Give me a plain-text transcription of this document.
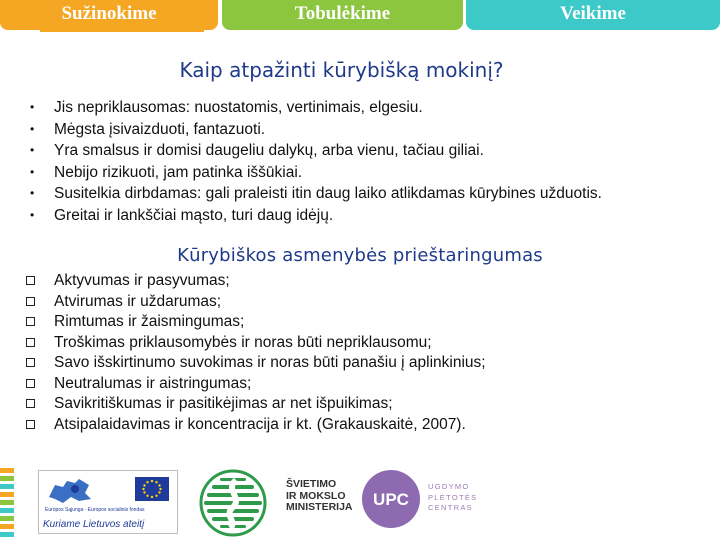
Sužinokime	Tobulėkime	Veikime
Kaip atpažinti kūrybišką mokinį?
• Jis nepriklausomas: nuostatomis, vertinimais, elgesiu.
• Mėgsta įsivaizduoti, fantazuoti.
• Yra smalsus ir domisi daugeliu dalykų, arba vienu, tačiau giliai.
• Nebijo rizikuoti, jam patinka iššūkiai.
• Susitelkia dirbdamas: gali praleisti itin daug laiko atlikdamas kūrybines užduotis.
• Greitai ir lankščiai mąsto, turi daug idėjų.
Kūrybiškos asmenybės prieštaringumas
Aktyvumas ir pasyvumas;
Atvirumas ir uždarumas;
Rimtumas ir žaismingumas;
Troškimas priklausomybės ir noras būti nepriklausomu;
Savo išskirtinumo suvokimas ir noras būti panašiu į aplinkinius;
Neutralumas ir aistringumas;
Savikritiškumas ir pasitikėjimas ar net išpuikimas;
Atsipalaidavimas ir koncentracija ir kt. (Grakauskaitė, 2007).
Europos Sąjunga · Europos socialinis fondas
Kuriame Lietuvos ateitį
ŠVIETIMO
IR MOKSLO
MINISTERIJA UPC
UGDYMO
PLĖTOTĖS
CENTRAS
